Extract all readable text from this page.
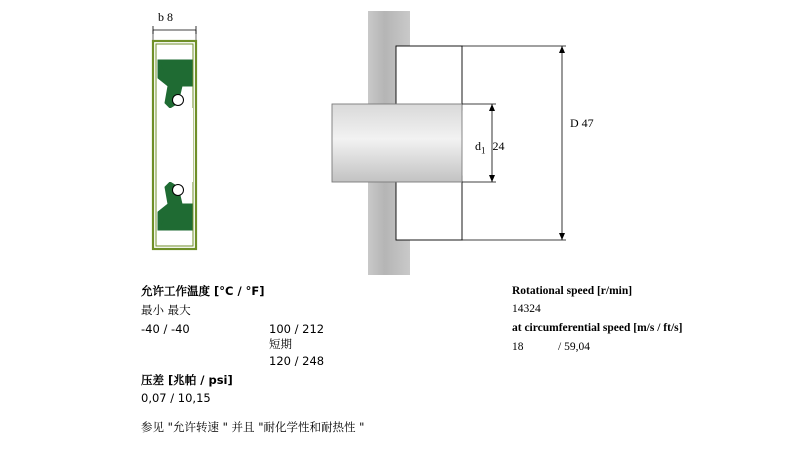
b 8
$d_1$ 24
D 47
允许工作温度 [°C / °F]
最小 最大
-40 / -40	100 / 212
短期
120 / 248
压差 [兆帕 / psi]
0,07 / 10,15
参见 "允许转速 " 并且 "耐化学性和耐热性 "
Rotational speed [r/min]
14324
at circumferential speed [m/s / ft/s]
18	/ 59,04
